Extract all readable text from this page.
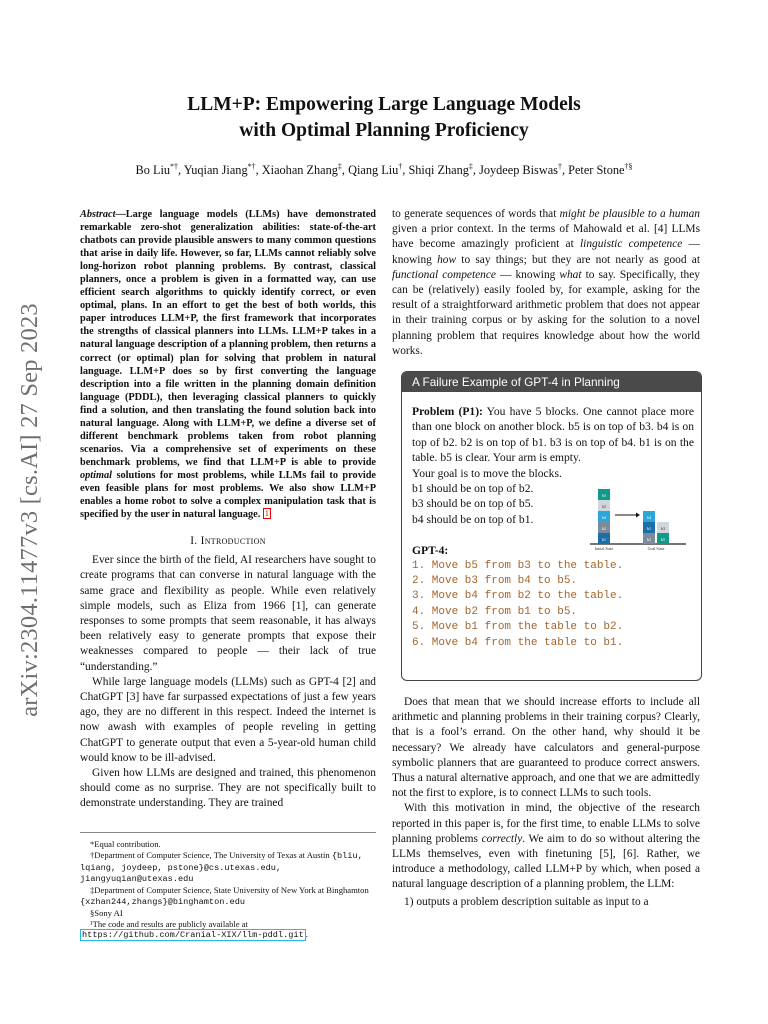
arXiv:2304.11477v3 [cs.AI] 27 Sep 2023
LLM+P: Empowering Large Language Models
with Optimal Planning Proficiency
Bo Liu*†, Yuqian Jiang*†, Xiaohan Zhang‡, Qiang Liu†, Shiqi Zhang‡, Joydeep Biswas†, Peter Stone†§

Abstract—Large language models (LLMs) have demonstrated remarkable zero-shot generalization abilities: state-of-the-art chatbots can provide plausible answers to many common questions that arise in daily life. However, so far, LLMs cannot reliably solve long-horizon robot planning problems. By contrast, classical planners, once a problem is given in a formatted way, can use efficient search algorithms to quickly identify correct, or even optimal, plans. In an effort to get the best of both worlds, this paper introduces LLM+P, the first framework that incorporates the strengths of classical planners into LLMs. LLM+P takes in a natural language description of a planning problem, then returns a correct (or optimal) plan for solving that problem in natural language. LLM+P does so by first converting the language description into a file written in the planning domain definition language (PDDL), then leveraging classical planners to quickly find a solution, and then translating the found solution back into natural language. Along with LLM+P, we define a diverse set of different benchmark problems taken from robot planning scenarios. Via a comprehensive set of experiments on these benchmark problems, we find that LLM+P is able to provide optimal solutions for most problems, while LLMs fail to provide even feasible plans for most problems. We also show LLM+P enables a home robot to solve a complex manipulation task that is specified by the user in natural language. 1

I. Introduction

Ever since the birth of the field, AI researchers have sought to create programs that can converse in natural language with the same grace and flexibility as people. While even relatively simple models, such as Eliza from 1966 [1], can generate responses to some prompts that seem reasonable, it has always been relatively easy to generate prompts that expose their weaknesses compared to people — their lack of true “understanding.”

While large language models (LLMs) such as GPT-4 [2] and ChatGPT [3] have far surpassed expectations of just a few years ago, they are no different in this respect. Indeed the internet is now awash with examples of people reveling in getting ChatGPT to generate output that even a 5-year-old human child would know to be ill-advised.

Given how LLMs are designed and trained, this phenomenon should come as no surprise. They are not specifically built to demonstrate understanding. They are trained

*Equal contribution.

†Department of Computer Science, The University of Texas at Austin {bliu, lqiang, joydeep, pstone}@cs.utexas.edu, jiangyuqian@utexas.edu

‡Department of Computer Science, State University of New York at Binghamton {xzhan244,zhangs}@binghamton.edu

§Sony AI

¹The code and results are publicly available at https://github.com/Cranial-XIX/llm-pddl.git .

to generate sequences of words that might be plausible to a human given a prior context. In the terms of Mahowald et al. [4] LLMs have become amazingly proficient at linguistic competence — knowing how to say things; but they are not nearly as good at functional competence — knowing what to say. Specifically, they can be (relatively) easily fooled by, for example, asking for the result of a straightforward arithmetic problem that does not appear in their training corpus or by asking for the solution to a novel planning problem that requires knowledge about how the world works.

A Failure Example of GPT-4 in Planning
Problem (P1): You have 5 blocks. One cannot place more than one block on another block. b5 is on top of b3. b4 is on top of b2. b2 is on top of b1. b3 is on top of b4. b1 is on the table. b5 is clear. Your arm is empty.
Your goal is to move the blocks.
b1 should be on top of b2.
b3 should be on top of b5.
b4 should be on top of b1.
GPT-4:
1. Move b5 from b3 to the table.
2. Move b3 from b4 to b5.
3. Move b4 from b2 to the table.
4. Move b2 from b1 to b5.
5. Move b1 from the table to b2.
6. Move b4 from the table to b1.
b1
b2
b4
b3
b5
b2
b1
b4
b5
b3
Initial State	Goal State

Does that mean that we should increase efforts to include all arithmetic and planning problems in their training corpus? Clearly, that is a fool’s errand. On the other hand, why should it be necessary? We already have calculators and general-purpose symbolic planners that are guaranteed to produce correct answers. Thus a natural alternative approach, and one that we are admittedly not the first to explore, is to connect LLMs to such tools.

With this motivation in mind, the objective of the research reported in this paper is, for the first time, to enable LLMs to solve planning problems correctly. We aim to do so without altering the LLMs themselves, even with finetuning [5], [6]. Rather, we introduce a methodology, called LLM+P by which, when posed a natural language description of a planning problem, the LLM:

1) outputs a problem description suitable as input to a
